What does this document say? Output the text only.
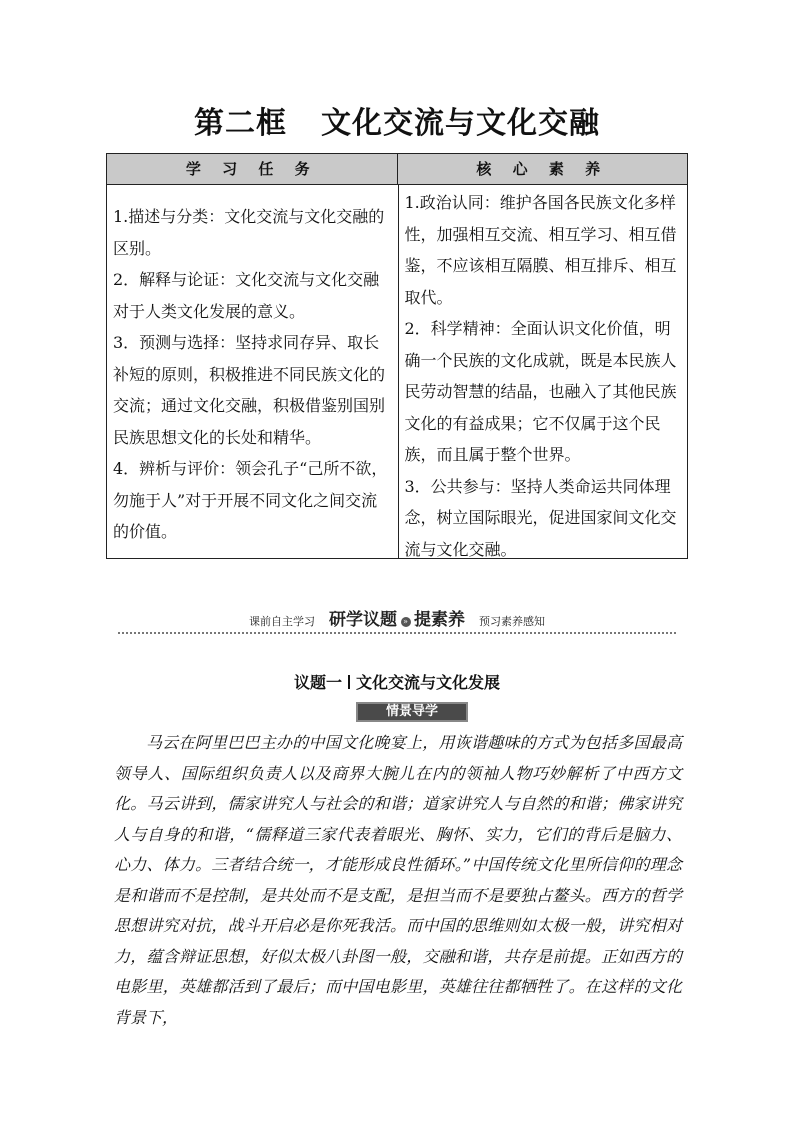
第二框 文化交流与文化交融
学 习 任 务	核 心 素 养

1.描述与分类：文化交流与文化交融的区别。

2．解释与论证：文化交流与文化交融对于人类文化发展的意义。

3．预测与选择：坚持求同存异、取长补短的原则，积极推进不同民族文化的交流；通过文化交融，积极借鉴别国别民族思想文化的长处和精华。

4．辨析与评价：领会孔子“己所不欲，勿施于人”对于开展不同文化之间交流的价值。

1.政治认同：维护各国各民族文化多样性，加强相互交流、相互学习、相互借鉴，不应该相互隔膜、相互排斥、相互取代。

2．科学精神：全面认识文化价值，明确一个民族的文化成就，既是本民族人民劳动智慧的结晶，也融入了其他民族文化的有益成果；它不仅属于这个民族，而且属于整个世界。

3．公共参与：坚持人类命运共同体理念，树立国际眼光，促进国家间文化交流与文化交融。

课前自主学习 研学议题 » 提素养 预习素养感知
议题一 文化交流与文化发展
情景导学

马云在阿里巴巴主办的中国文化晚宴上，用诙谐趣味的方式为包括多国最高领导人、国际组织负责人以及商界大腕儿在内的领袖人物巧妙解析了中西方文化。马云讲到，儒家讲究人与社会的和谐；道家讲究人与自然的和谐；佛家讲究人与自身的和谐，“儒释道三家代表着眼光、胸怀、实力，它们的背后是脑力、心力、体力。三者结合统一，才能形成良性循环。”中国传统文化里所信仰的理念是和谐而不是控制，是共处而不是支配，是担当而不是要独占鳌头。西方的哲学思想讲究对抗，战斗开启必是你死我活。而中国的思维则如太极一般，讲究相对力，蕴含辩证思想，好似太极八卦图一般，交融和谐，共存是前提。正如西方的电影里，英雄都活到了最后；而中国电影里，英雄往往都牺牲了。在这样的文化背景下，
